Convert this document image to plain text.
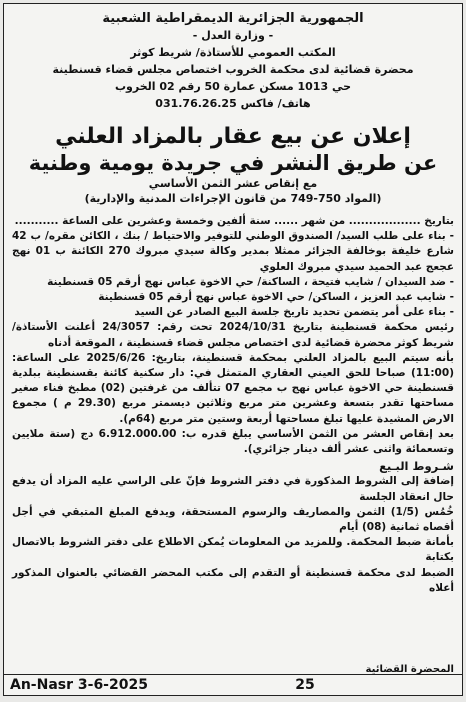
الجمهورية الجزائرية الديمقراطية الشعبية
- وزارة العدل -
المكتب العمومي للأستاذة/ شريط كوثر
محضرة قضائية لدى محكمة الخروب اختصاص مجلس قضاء قسنطينة
حي 1013 مسكن عمارة 50 رقم 02 الخروب
هاتف/ فاكس 031.76.26.25
إعلان عن بيع عقار بالمزاد العلني
عن طريق النشر في جريدة يومية وطنية
مع إنقاص عشر الثمن الأساسي
(المواد 750-749 من قانون الإجراءات المدنية والإدارية)

بتاريخ .................. من شهر ...... سنة ألفين وخمسة وعشرين على الساعة ...........

- بناء على طلب السيد/ الصندوق الوطني للتوفير والاحتياط / بنك ، الكائن مقره/ ب 42 شارع خليفة بوخالفة الجزائر ممثلا بمدير وكالة سيدي مبروك 270 الكائنة ب 01 نهج عجعج عبد الحميد سيدي مبروك العلوي

- ضد السيدان / شايب فتيحة ، الساكنة/ حي الاخوة عباس نهج أرقم 05 قسنطينة

- شايب عبد العزيز ، الساكن/ حي الاخوة عباس نهج أرقم 05 قسنطينة

- بناء على أمر يتضمن تحديد تاريخ جلسة البيع الصادر عن السيد

رئيس محكمة قسنطينة بتاريخ 2024/10/31 تحت رقم: 24/3057 أعلنت الأستاذة/ شريط كوثر محضرة قضائية لدى اختصاص مجلس قضاء قسنطينة ، الموقعة أدناه

بأنه سيتم البيع بالمزاد العلني بمحكمة قسنطينة، بتاريخ: 2025/6/26 على الساعة: (11:00) صباحا للحق العيني العقاري المتمثل في: دار سكنية كائنة بقسنطينة ببلدية قسنطينة حي الاخوة عباس نهج ب مجمع 07 تتألف من غرفتين (02) مطبخ فناء صغير مساحتها تقدر بتسعة وعشرين متر مربع وثلاثين ديسمتر مربع (29.30 م ) مجموع الارض المشيدة عليها تبلغ مساحتها أربعة وستين متر مربع (64م).

بعد إنقاص العشر من الثمن الأساسي يبلغ قدره ب: 6.912.000.00 دج (ستة ملايين وتسعمائة واثنى عشر ألف دينار جزائري).

شـروط البـيع

إضافة إلى الشروط المذكورة في دفتر الشروط فإنّ على الراسي عليه المزاد أن يدفع حال انعقاد الجلسة

خُمُس (1/5) الثمن والمصاريف والرسوم المستحقة، ويدفع المبلغ المتبقي في أجل أقصاه ثمانية (08) أيام

بأمانة ضبط المحكمة. وللمزيد من المعلومات يُمكن الاطلاع على دفتر الشروط بالاتصال بكتابة

الضبط لدى محكمة قسنطينة أو التقدم إلى مكتب المحضر القضائي بالعنوان المذكور أعلاه

المحضرة القضائية
An-Nasr 3-6-2025	25
